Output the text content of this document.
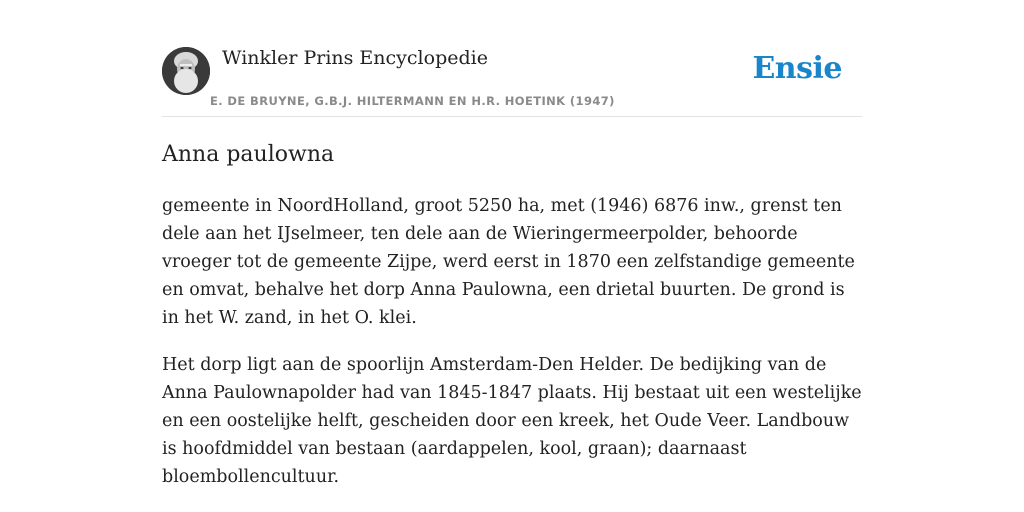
Winkler Prins Encyclopedie
E. DE BRUYNE, G.B.J. HILTERMANN EN H.R. HOETINK (1947)
Ensie
Anna paulowna

gemeente in NoordHolland, groot 5250 ha, met (1946) 6876 inw., grenst ten dele aan het IJselmeer, ten dele aan de Wieringermeerpolder, behoorde vroeger tot de gemeente Zijpe, werd eerst in 1870 een zelfstandige gemeente en omvat, behalve het dorp Anna Paulowna, een drietal buurten. De grond is in het W. zand, in het O. klei.

Het dorp ligt aan de spoorlijn Amsterdam-Den Helder. De bedijking van de Anna Paulownapolder had van 1845-1847 plaats. Hij bestaat uit een westelijke en een oostelijke helft, gescheiden door een kreek, het Oude Veer. Landbouw is hoofdmiddel van bestaan (aardappelen, kool, graan); daarnaast bloembollencultuur.
